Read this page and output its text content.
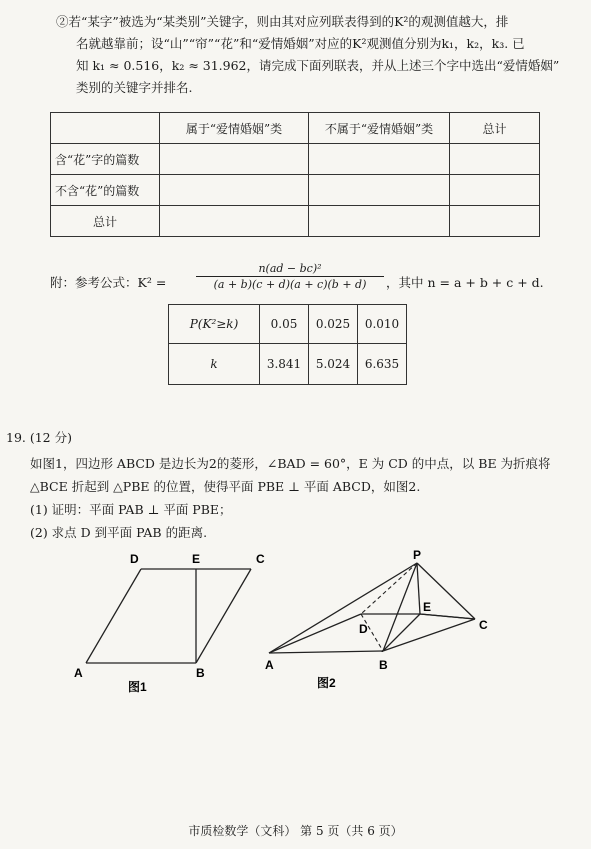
②若“某字”被选为“某类别”关键字，则由其对应列联表得到的K²的观测值越大，排
名就越靠前；设“山”“帘”“花”和“爱情婚姻”对应的K²观测值分别为k₁，k₂，k₃. 已
知 k₁ ≈ 0.516，k₂ ≈ 31.962，请完成下面列联表，并从上述三个字中选出“爱情婚姻”
类别的关键字并排名.
	属于“爱情婚姻”类	不属于“爱情婚姻”类	总计
含“花”字的篇数			
不含“花”的篇数			
总计			
附：参考公式：K² =	$\frac{\text{n(ad − bc)²}}{(a + b)(c + d)(a + c)(b + d)}$ ，其中 n = a + b + c + d.
P(K²≥k)	0.05	0.025	0.010
k	3.841	5.024	6.635
19. (12 分)
如图1，四边形 ABCD 是边长为2的菱形，∠BAD = 60°，E 为 CD 的中点，以 BE 为折痕将
△BCE 折起到 △PBE 的位置，使得平面 PBE ⊥ 平面 ABCD，如图2.
(1) 证明：平面 PAB ⊥ 平面 PBE；
(2) 求点 D 到平面 PAB 的距离.
D	E	C
A	B
图1
P
E
C
D
A	B
图2
市质检数学（文科） 第 5 页（共 6 页）
